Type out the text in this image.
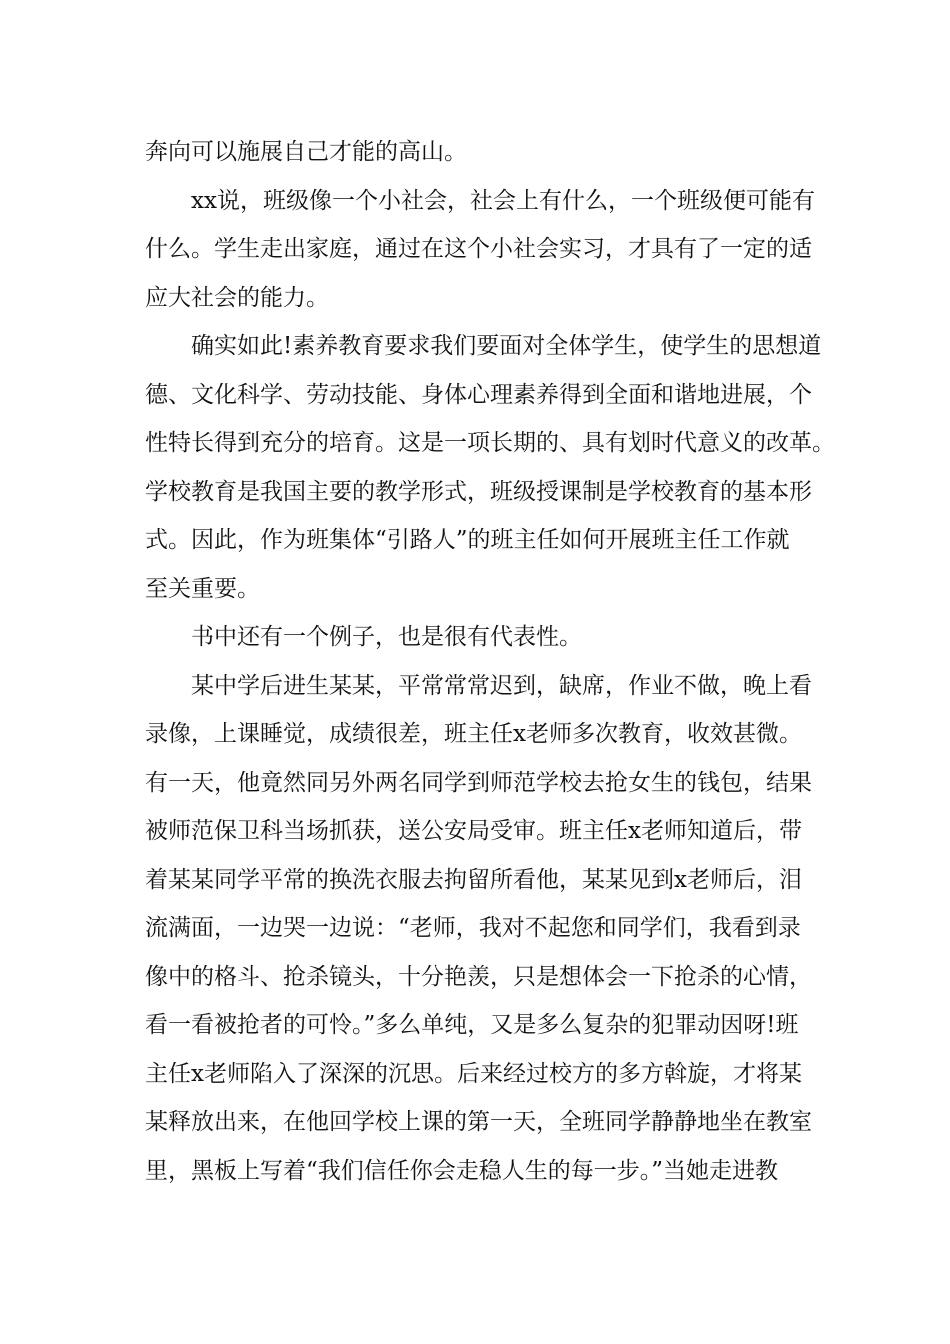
奔向可以施展自己才能的高山。
xx说，班级像一个小社会，社会上有什么，一个班级便可能有
什么。学生走出家庭，通过在这个小社会实习，才具有了一定的适
应大社会的能力。
确实如此!素养教育要求我们要面对全体学生，使学生的思想道
德、文化科学、劳动技能、身体心理素养得到全面和谐地进展，个
性特长得到充分的培育。这是一项长期的、具有划时代意义的改革。
学校教育是我国主要的教学形式，班级授课制是学校教育的基本形
式。因此，作为班集体“引路人”的班主任如何开展班主任工作就
至关重要。
书中还有一个例子，也是很有代表性。
某中学后进生某某，平常常常迟到，缺席，作业不做，晚上看
录像，上课睡觉，成绩很差，班主任x老师多次教育，收效甚微。
有一天，他竟然同另外两名同学到师范学校去抢女生的钱包，结果
被师范保卫科当场抓获，送公安局受审。班主任x老师知道后，带
着某某同学平常的换洗衣服去拘留所看他，某某见到x老师后，泪
流满面，一边哭一边说：“老师，我对不起您和同学们，我看到录
像中的格斗、抢杀镜头，十分艳羡，只是想体会一下抢杀的心情，
看一看被抢者的可怜。”多么单纯，又是多么复杂的犯罪动因呀!班
主任x老师陷入了深深的沉思。后来经过校方的多方斡旋，才将某
某释放出来，在他回学校上课的第一天，全班同学静静地坐在教室
里，黑板上写着“我们信任你会走稳人生的每一步。”当她走进教
